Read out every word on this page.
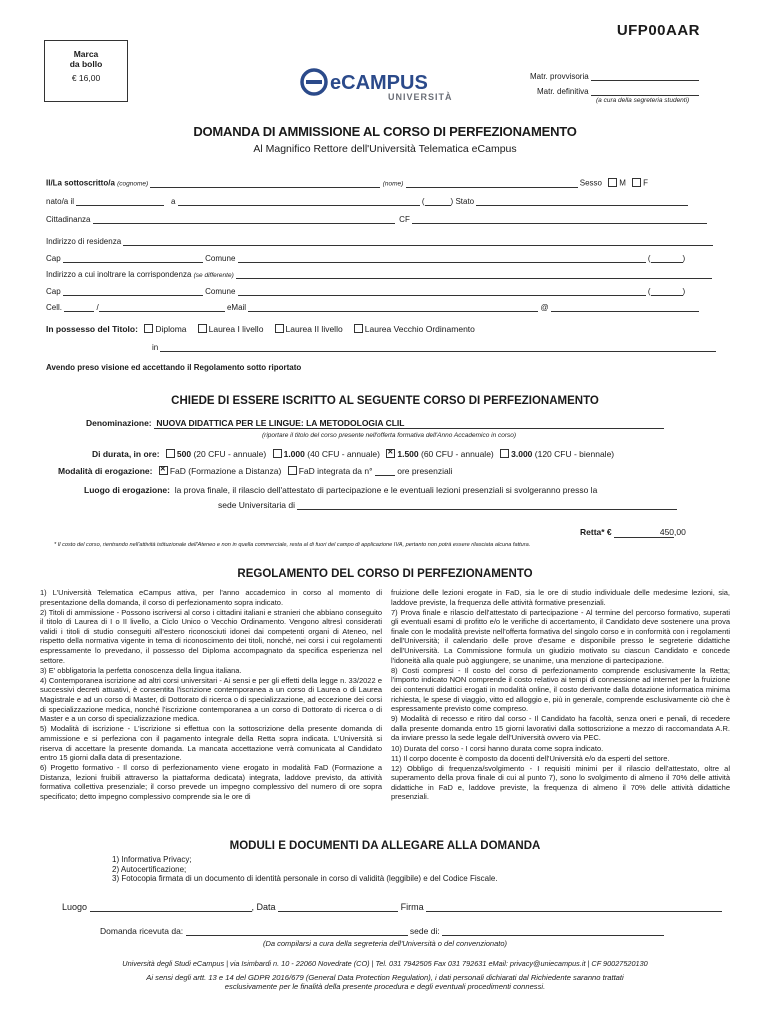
UFP00AAR
Marca
da bollo
€ 16,00	eCAMPUS
UNIVERSITÀ
Matr. provvisoria
Matr. definitiva
(a cura della segreteria studenti)
DOMANDA DI AMMISSIONE AL CORSO DI PERFEZIONAMENTO
Al Magnifico Rettore dell'Università Telematica eCampus
Il/La sottoscritto/a (cognome)	(nome)	Sesso M F
nato/a il	a	(	) Stato
Cittadinanza	CF
Indirizzo di residenza
Cap	Comune	(	)
Indirizzo a cui inoltrare la corrispondenza (se differente)
Cap	Comune	(	)
Cell.	/	eMail	@
In possesso del Titolo: Diploma	Laurea I livello	Laurea II livello	Laurea Vecchio Ordinamento
in
Avendo preso visione ed accettando il Regolamento sotto riportato
CHIEDE DI ESSERE ISCRITTO AL SEGUENTE CORSO DI PERFEZIONAMENTO
Denominazione: NUOVA DIDATTICA PER LE LINGUE: LA METODOLOGIA CLIL
(riportare il titolo del corso presente nell'offerta formativa dell'Anno Accademico in corso)
Di durata, in ore: 500 (20 CFU - annuale) 1.000 (40 CFU - annuale) ✕1.500 (60 CFU - annuale) 3.000 (120 CFU - biennale)
Modalità di erogazione: ✕ FaD (Formazione a Distanza) FaD integrata da n°	ore presenziali
Luogo di erogazione: la prova finale, il rilascio dell'attestato di partecipazione e le eventuali lezioni presenziali si svolgeranno presso la
sede Universitaria di
Retta* €	450,00
* Il costo del corso, rientrando nell'attività istituzionale dell'Ateneo e non in quella commerciale, resta al di fuori del campo di applicazione IVA, pertanto non potrà essere rilasciata alcuna fattura.
REGOLAMENTO DEL CORSO DI PERFEZIONAMENTO

1) L'Università Telematica eCampus attiva, per l'anno accademico in corso al momento di presentazione della domanda, il corso di perfezionamento sopra indicato.

2) Titoli di ammissione - Possono iscriversi al corso i cittadini italiani e stranieri che abbiano conseguito il titolo di Laurea di I o II livello, a Ciclo Unico o Vecchio Ordinamento. Vengono altresì considerati validi i titoli di studio conseguiti all'estero riconosciuti idonei dai competenti organi di Ateneo, nel rispetto della normativa vigente in tema di riconoscimento dei titoli, nonché, nei corsi i cui regolamenti espressamente lo prevedano, il possesso del Diploma accompagnato da specifica esperienza nel settore.

3) E' obbligatoria la perfetta conoscenza della lingua italiana.

4) Contemporanea iscrizione ad altri corsi universitari - Ai sensi e per gli effetti della legge n. 33/2022 e successivi decreti attuativi, è consentita l'iscrizione contemporanea a un corso di Laurea o di Laurea Magistrale e ad un corso di Master, di Dottorato di ricerca o di specializzazione, ad eccezione dei corsi di specializzazione medica, nonché l'iscrizione contemporanea a un corso di Dottorato di ricerca o di Master e a un corso di specializzazione medica.

5) Modalità di iscrizione - L'iscrizione si effettua con la sottoscrizione della presente domanda di ammissione e si perfeziona con il pagamento integrale della Retta sopra indicata. L'Università si riserva di accettare la presente domanda. La mancata accettazione verrà comunicata al Candidato entro 15 giorni dalla data di presentazione.

6) Progetto formativo - Il corso di perfezionamento viene erogato in modalità FaD (Formazione a Distanza, lezioni fruibili attraverso la piattaforma dedicata) integrata, laddove previsto, da attività formativa collettiva presenziale; il corso prevede un impegno complessivo del numero di ore sopra specificato; detto impegno complessivo comprende sia le ore di

fruizione delle lezioni erogate in FaD, sia le ore di studio individuale delle medesime lezioni, sia, laddove previste, la frequenza delle attività formative presenziali.

7) Prova finale e rilascio dell'attestato di partecipazione - Al termine del percorso formativo, superati gli eventuali esami di profitto e/o le verifiche di accertamento, il Candidato deve sostenere una prova finale con le modalità previste nell'offerta formativa del singolo corso e in conformità con i regolamenti dell'Università; il calendario delle prove d'esame e disponibile presso le segreterie didattiche dell'Università. La Commissione formula un giudizio motivato su ciascun Candidato e concede l'idoneità alla quale può aggiungere, se unanime, una menzione di partecipazione.

8) Costi compresi - Il costo del corso di perfezionamento comprende esclusivamente la Retta; l'importo indicato NON comprende il costo relativo ai tempi di connessione ad internet per la fruizione dei contenuti didattici erogati in modalità online, il costo derivante dalla dotazione informatica minima richiesta, le spese di viaggio, vitto ed alloggio e, più in generale, comprende esclusivamente ciò che è espressamente previsto come compreso.

9) Modalità di recesso e ritiro dal corso - Il Candidato ha facoltà, senza oneri e penali, di recedere dalla presente domanda entro 15 giorni lavorativi dalla sottoscrizione a mezzo di raccomandata A.R. da inviare presso la sede legale dell'Università ovvero via PEC.

10) Durata del corso - I corsi hanno durata come sopra indicato.

11) Il corpo docente è composto da docenti dell'Università e/o da esperti del settore.

12) Obbligo di frequenza/svolgimento - I requisiti minimi per il rilascio dell'attestato, oltre al superamento della prova finale di cui al punto 7), sono lo svolgimento di almeno il 70% delle attività didattiche in FaD e, laddove previste, la frequenza di almeno il 70% delle attività didattiche presenziali.

MODULI E DOCUMENTI DA ALLEGARE ALLA DOMANDA
1) Informativa Privacy;
2) Autocertificazione;
3) Fotocopia firmata di un documento di identità personale in corso di validità (leggibile) e del Codice Fiscale.
Luogo	, Data	Firma
Domanda ricevuta da:	sede di:
(Da compilarsi a cura della segreteria dell'Università o del convenzionato)
Università degli Studi eCampus | via Isimbardi n. 10 - 22060 Novedrate (CO) | Tel. 031 7942505 Fax 031 792631 eMail: privacy@uniecampus.it | CF 90027520130
Ai sensi degli artt. 13 e 14 del GDPR 2016/679 (General Data Protection Regulation), i dati personali dichiarati dal Richiedente saranno trattati
esclusivamente per le finalità della presente procedura e degli eventuali procedimenti connessi.
